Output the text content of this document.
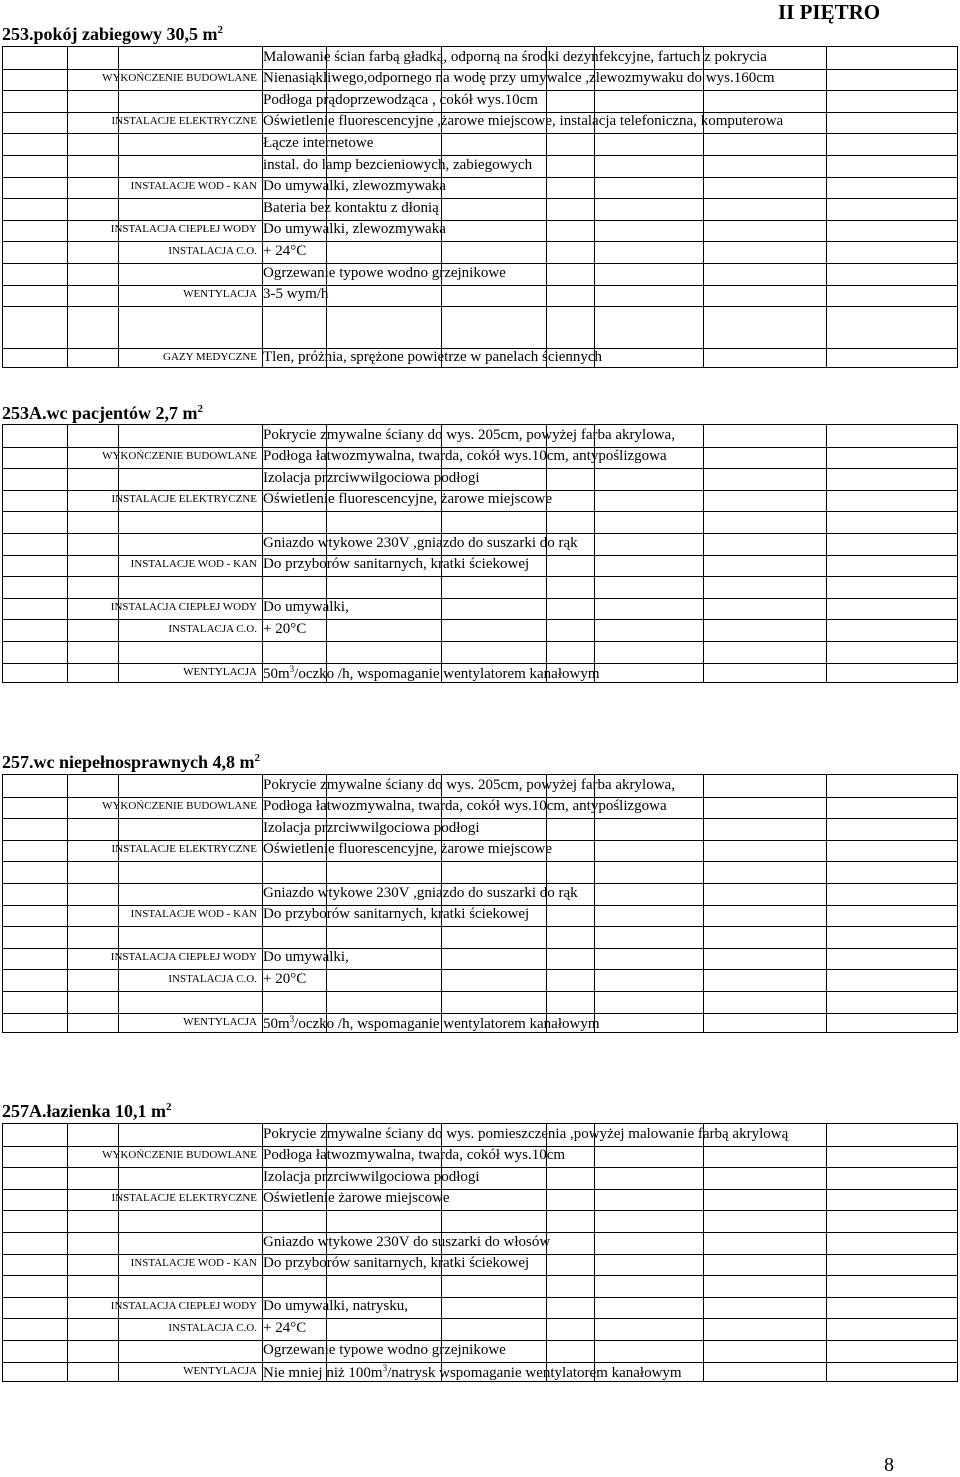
II PIĘTRO
8
253.pokój zabiegowy 30,5 $m^2$
Malowanie ścian farbą gładką, odporną na środki dezynfekcyjne, fartuch z pokrycia
WYKOŃCZENIE BUDOWLANE Nienasiąkliwego,odpornego na wodę przy umywalce ,zlewozmywaku do wys.160cm
Podłoga prądoprzewodząca , cokół wys.10cm
INSTALACJE ELEKTRYCZNE Oświetlenie fluorescencyjne ,żarowe miejscowe, instalacja telefoniczna, komputerowa
Łącze internetowe
instal. do lamp bezcieniowych, zabiegowych
INSTALACJE WOD - KAN Do umywalki, zlewozmywaka
Bateria bez kontaktu z dłonią
INSTALACJA CIEPŁEJ WODY Do umywalki, zlewozmywaka
INSTALACJA C.O. + 24°C
Ogrzewanie typowe wodno grzejnikowe
WENTYLACJA 3-5 wym/h
GAZY MEDYCZNE Tlen, próżnia, sprężone powietrze w panelach ściennych
253A.wc pacjentów 2,7 $m^2$
Pokrycie zmywalne ściany do wys. 205cm, powyżej farba akrylowa,
WYKOŃCZENIE BUDOWLANE Podłoga łatwozmywalna, twarda, cokół wys.10cm, antypoślizgowa
Izolacja przrciwwilgociowa podłogi
INSTALACJE ELEKTRYCZNE Oświetlenie fluorescencyjne, żarowe miejscowe
Gniazdo wtykowe 230V ,gniazdo do suszarki do rąk
INSTALACJE WOD - KAN Do przyborów sanitarnych, kratki ściekowej
INSTALACJA CIEPŁEJ WODY Do umywalki,
INSTALACJA C.O. + 20°C
WENTYLACJA $50m^3$/oczko /h, wspomaganie wentylatorem kanałowym
257.wc niepełnosprawnych 4,8 $m^2$
Pokrycie zmywalne ściany do wys. 205cm, powyżej farba akrylowa,
WYKOŃCZENIE BUDOWLANE Podłoga łatwozmywalna, twarda, cokół wys.10cm, antypoślizgowa
Izolacja przrciwwilgociowa podłogi
INSTALACJE ELEKTRYCZNE Oświetlenie fluorescencyjne, żarowe miejscowe
Gniazdo wtykowe 230V ,gniazdo do suszarki do rąk
INSTALACJE WOD - KAN Do przyborów sanitarnych, kratki ściekowej
INSTALACJA CIEPŁEJ WODY Do umywalki,
INSTALACJA C.O. + 20°C
WENTYLACJA $50m^3$/oczko /h, wspomaganie wentylatorem kanałowym
257A.łazienka 10,1 $m^2$
Pokrycie zmywalne ściany do wys. pomieszczenia ,powyżej malowanie farbą akrylową
WYKOŃCZENIE BUDOWLANE Podłoga łatwozmywalna, twarda, cokół wys.10cm
Izolacja przrciwwilgociowa podłogi
INSTALACJE ELEKTRYCZNE Oświetlenie żarowe miejscowe
Gniazdo wtykowe 230V do suszarki do włosów
INSTALACJE WOD - KAN Do przyborów sanitarnych, kratki ściekowej
INSTALACJA CIEPŁEJ WODY Do umywalki, natrysku,
INSTALACJA C.O. + 24°C
Ogrzewanie typowe wodno grzejnikowe
WENTYLACJA Nie mniej niż $100m^3$/natrysk wspomaganie wentylatorem kanałowym
